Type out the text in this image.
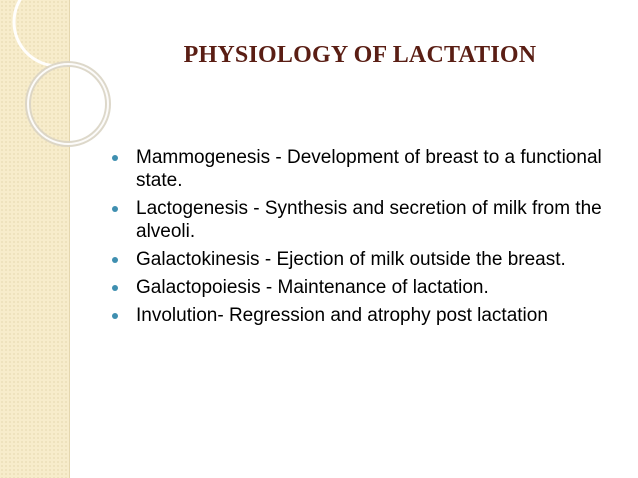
PHYSIOLOGY OF LACTATION
Mammogenesis - Development of breast to a functional state.
Lactogenesis - Synthesis and secretion of milk from the alveoli.
Galactokinesis - Ejection of milk outside the breast.
Galactopoiesis - Maintenance of lactation.
Involution- Regression and atrophy post lactation
